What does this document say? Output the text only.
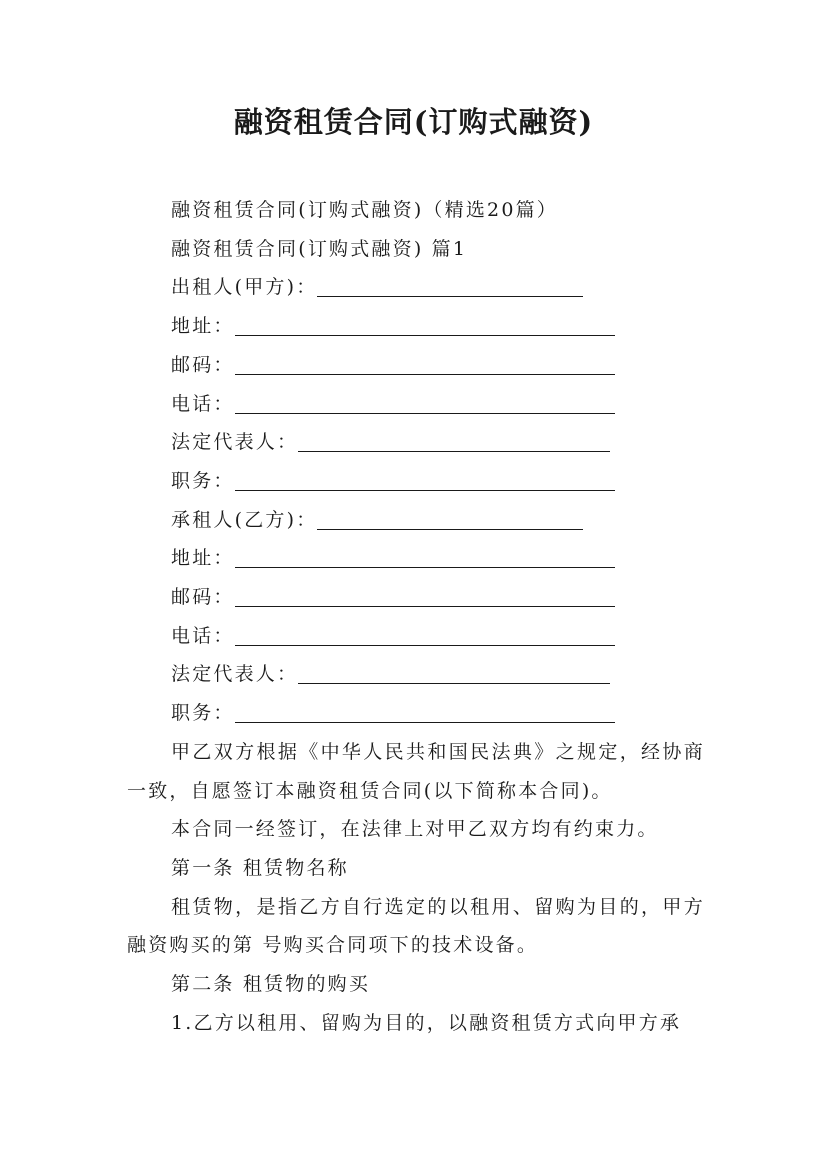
融资租赁合同(订购式融资)
融资租赁合同(订购式融资)（精选20篇）
融资租赁合同(订购式融资) 篇1
出租人(甲方)：
地址：
邮码：
电话：
法定代表人：
职务：
承租人(乙方)：
地址：
邮码：
电话：
法定代表人：
职务：
甲乙双方根据《中华人民共和国民法典》之规定，经协商一致，自愿签订本融资租赁合同(以下简称本合同)。
本合同一经签订，在法律上对甲乙双方均有约束力。
第一条 租赁物名称
租赁物，是指乙方自行选定的以租用、留购为目的，甲方融资购买的第 号购买合同项下的技术设备。
第二条 租赁物的购买
1.乙方以租用、留购为目的，以融资租赁方式向甲方承
